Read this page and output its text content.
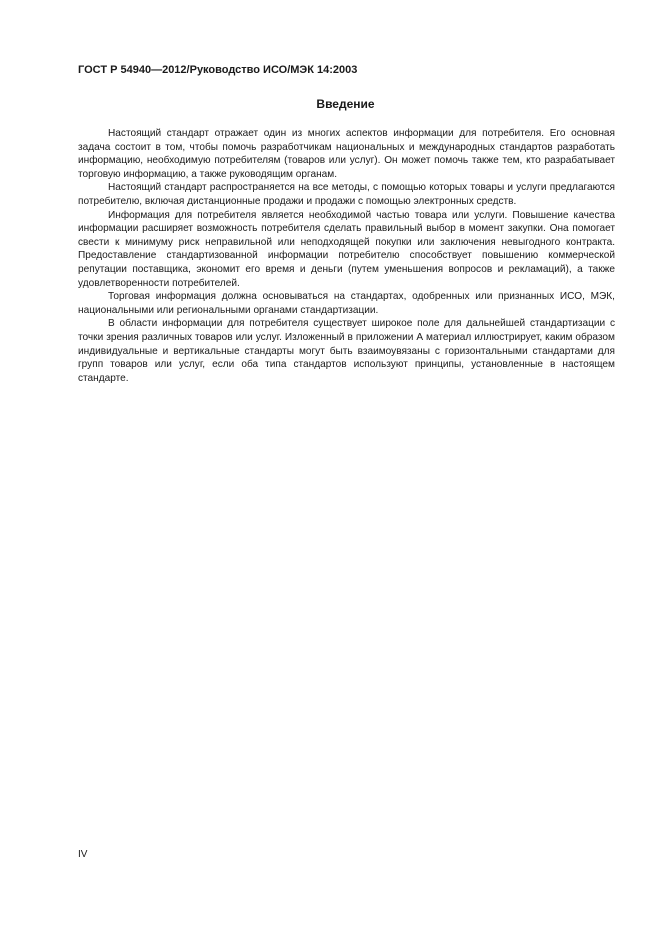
ГОСТ Р 54940—2012/Руководство ИСО/МЭК 14:2003
Введение

Настоящий стандарт отражает один из многих аспектов информации для потребителя. Его основная задача состоит в том, чтобы помочь разработчикам национальных и международных стандартов разработать информацию, необходимую потребителям (товаров или услуг). Он может помочь также тем, кто разрабатывает торговую информацию, а также руководящим органам.

Настоящий стандарт распространяется на все методы, с помощью которых товары и услуги предлагаются потребителю, включая дистанционные продажи и продажи с помощью электронных средств.

Информация для потребителя является необходимой частью товара или услуги. Повышение качества информации расширяет возможность потребителя сделать правильный выбор в момент закупки. Она помогает свести к минимуму риск неправильной или неподходящей покупки или заключения невыгодного контракта. Предоставление стандартизованной информации потребителю способствует повышению коммерческой репутации поставщика, экономит его время и деньги (путем уменьшения вопросов и рекламаций), а также удовлетворенности потребителей.

Торговая информация должна основываться на стандартах, одобренных или признанных ИСО, МЭК, национальными или региональными органами стандартизации.

В области информации для потребителя существует широкое поле для дальнейшей стандартизации с точки зрения различных товаров или услуг. Изложенный в приложении А материал иллюстрирует, каким образом индивидуальные и вертикальные стандарты могут быть взаимоувязаны с горизонтальными стандартами для групп товаров или услуг, если оба типа стандартов используют принципы, установленные в настоящем стандарте.

IV
